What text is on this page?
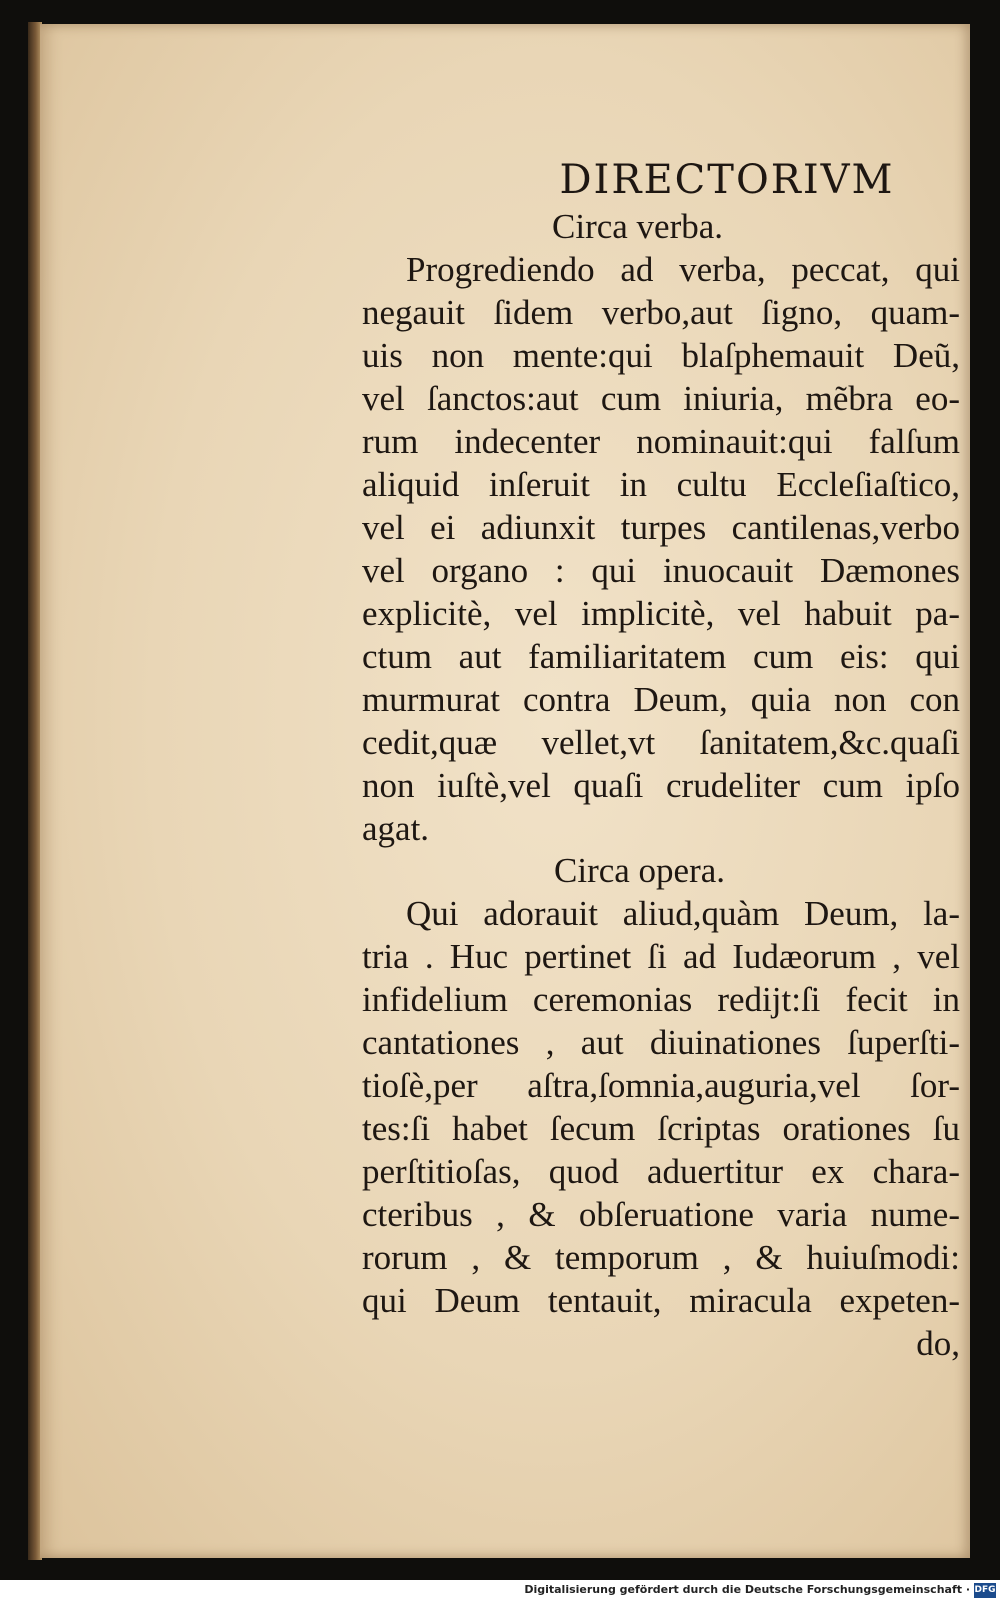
DIRECTORIVM
Circa verba.
Progrediendo ad verba, peccat, qui
negauit ſidem verbo,aut ſigno, quam-
uis non mente:qui blaſphemauit Deũ,
vel ſanctos:aut cum iniuria, mẽbra eo-
rum indecenter nominauit:qui falſum
aliquid inſeruit in cultu Eccleſiaſtico,
vel ei adiunxit turpes cantilenas,verbo
vel organo : qui inuocauit Dæmones
explicitè, vel implicitè, vel habuit pa-
ctum aut familiaritatem cum eis: qui
murmurat contra Deum, quia non con
cedit,quæ vellet,vt ſanitatem,&c.quaſi
non iuſtè,vel quaſi crudeliter cum ipſo
agat.
Circa opera.
Qui adorauit aliud,quàm Deum, la-
tria . Huc pertinet ſi ad Iudæorum , vel
infidelium ceremonias redijt:ſi fecit in
cantationes , aut diuinationes ſuperſti-
tioſè,per aſtra,ſomnia,auguria,vel ſor-
tes:ſi habet ſecum ſcriptas orationes ſu
perſtitioſas, quod aduertitur ex chara-
cteribus , & obſeruatione varia nume-
rorum , & temporum , & huiuſmodi:
qui Deum tentauit, miracula expeten-
do,
Digitalisierung gefördert durch die Deutsche Forschungsgemeinschaft · DFG
